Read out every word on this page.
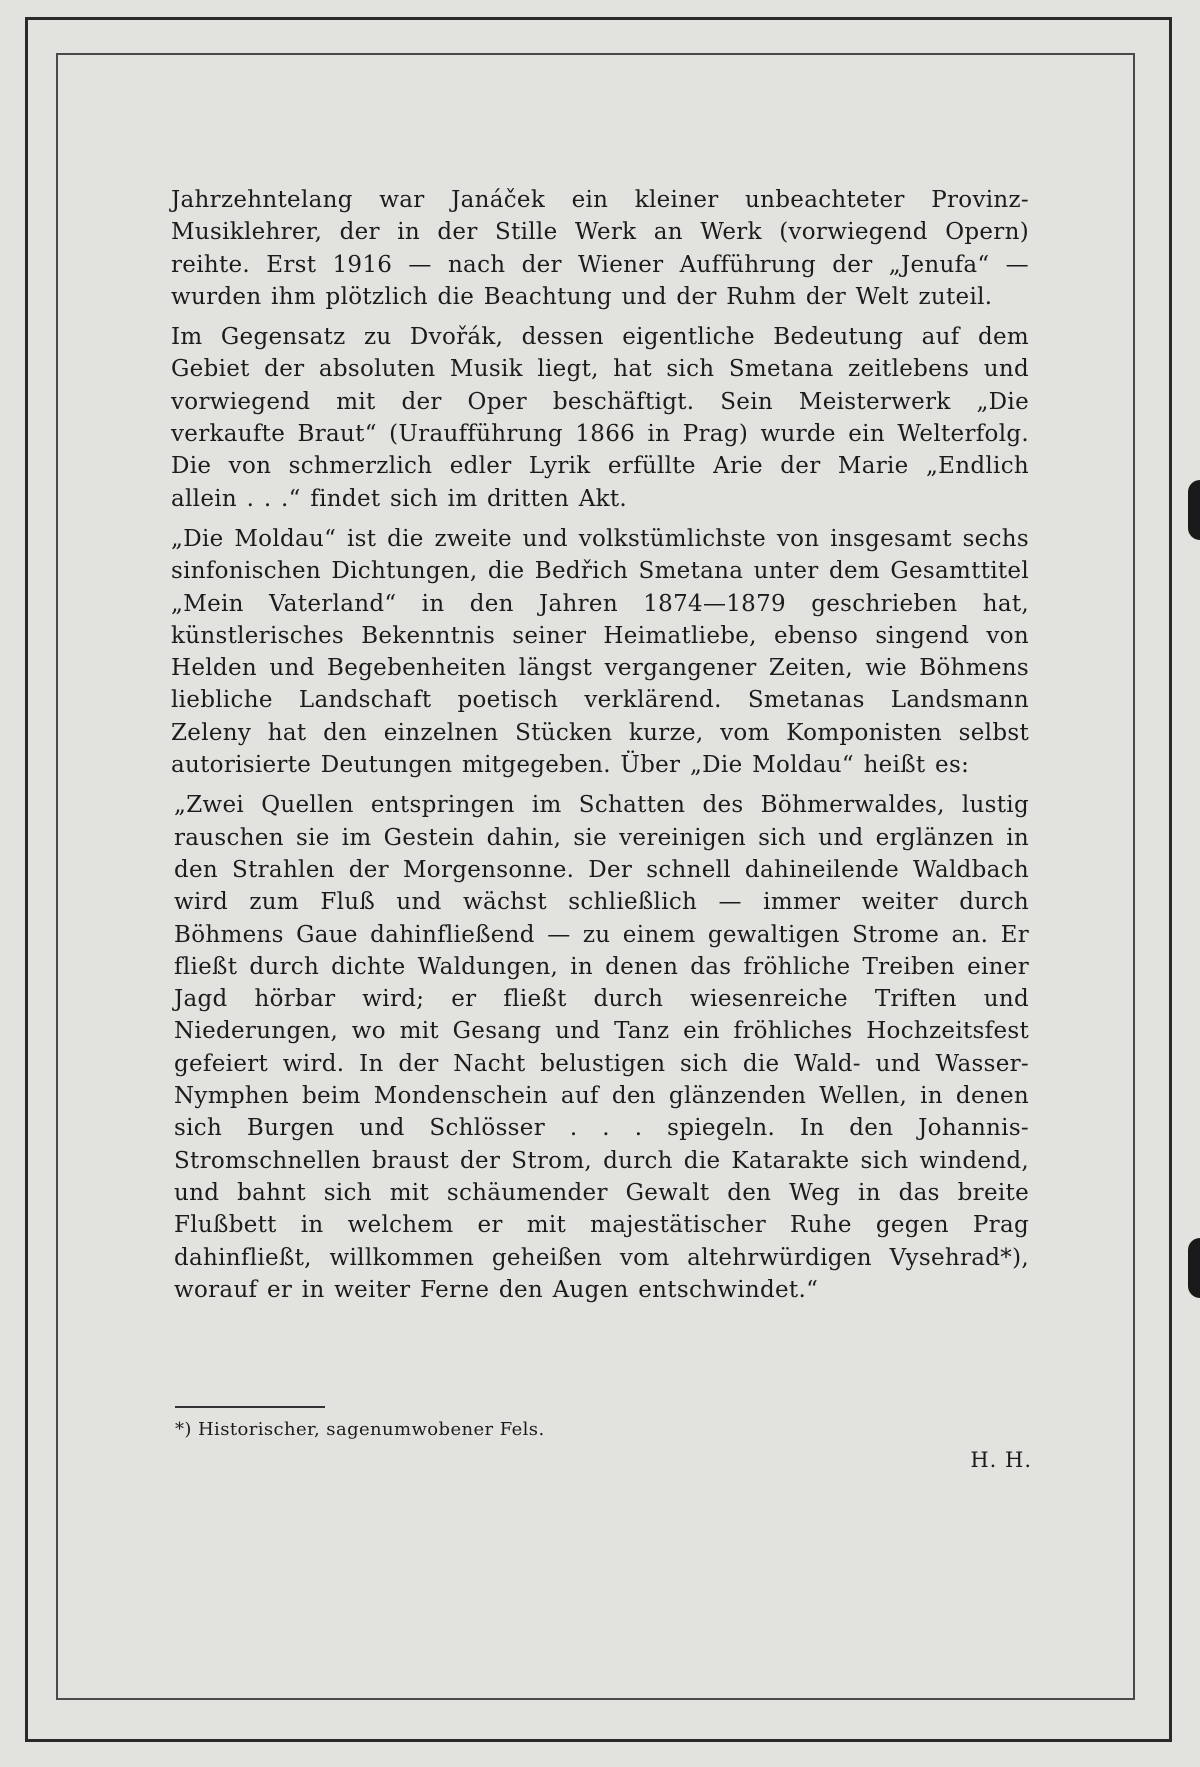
Jahrzehntelang war Janáček ein kleiner unbeachteter Provinz-Musiklehrer, der in der Stille Werk an Werk (vorwiegend Opern) reihte. Erst 1916 — nach der Wiener Aufführung der „Jenufa“ — wurden ihm plötzlich die Beachtung und der Ruhm der Welt zuteil.

Im Gegensatz zu Dvořák, dessen eigentliche Bedeutung auf dem Gebiet der absoluten Musik liegt, hat sich Smetana zeitlebens und vorwiegend mit der Oper beschäftigt. Sein Meisterwerk „Die verkaufte Braut“ (Uraufführung 1866 in Prag) wurde ein Welterfolg. Die von schmerzlich edler Lyrik erfüllte Arie der Marie „Endlich allein . . .“ findet sich im dritten Akt.

„Die Moldau“ ist die zweite und volkstümlichste von insgesamt sechs sinfonischen Dichtungen, die Bedřich Smetana unter dem Gesamttitel „Mein Vaterland“ in den Jahren 1874—1879 geschrieben hat, künstlerisches Bekenntnis seiner Heimatliebe, ebenso singend von Helden und Begebenheiten längst vergangener Zeiten, wie Böhmens liebliche Landschaft poetisch verklärend. Smetanas Landsmann Zeleny hat den einzelnen Stücken kurze, vom Komponisten selbst autorisierte Deutungen mitgegeben. Über „Die Moldau“ heißt es:

„Zwei Quellen entspringen im Schatten des Böhmerwaldes, lustig rauschen sie im Gestein dahin, sie vereinigen sich und erglänzen in den Strahlen der Morgensonne. Der schnell dahineilende Waldbach wird zum Fluß und wächst schließlich — immer weiter durch Böhmens Gaue dahinfließend — zu einem gewaltigen Strome an. Er fließt durch dichte Waldungen, in denen das fröhliche Treiben einer Jagd hörbar wird; er fließt durch wiesenreiche Triften und Niederungen, wo mit Gesang und Tanz ein fröhliches Hochzeitsfest gefeiert wird. In der Nacht belustigen sich die Wald- und Wasser-Nymphen beim Mondenschein auf den glänzenden Wellen, in denen sich Burgen und Schlösser . . . spiegeln. In den Johannis-Stromschnellen braust der Strom, durch die Katarakte sich windend, und bahnt sich mit schäumender Gewalt den Weg in das breite Flußbett in welchem er mit majestätischer Ruhe gegen Prag dahinfließt, willkommen geheißen vom altehrwürdigen Vysehrad*), worauf er in weiter Ferne den Augen entschwindet.“

*) Historischer, sagenumwobener Fels.
H. H.
